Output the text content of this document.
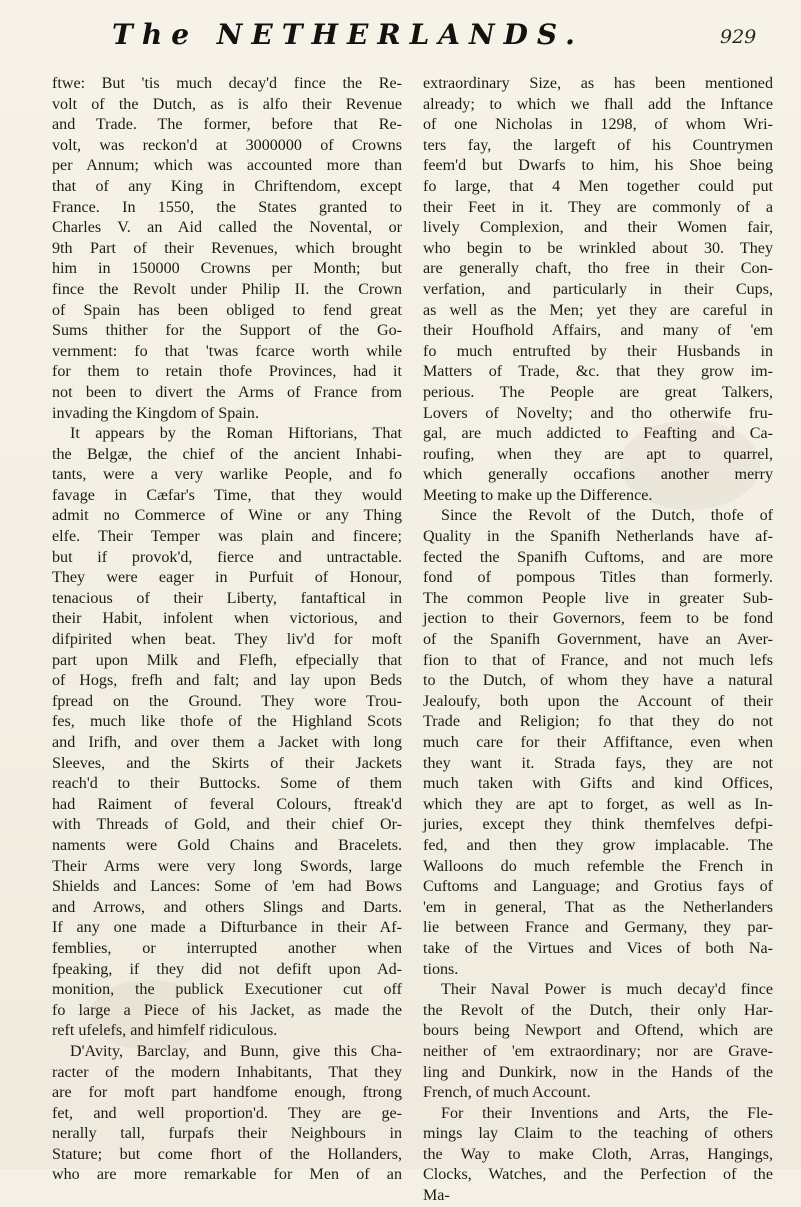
The NETHERLANDS.	929
ftwe: But 'tis much decay'd fince the Re-
volt of the Dutch, as is alfo their Revenue
and Trade. The former, before that Re-
volt, was reckon'd at 3000000 of Crowns
per Annum; which was accounted more than
that of any King in Chriftendom, except
France. In 1550, the States granted to
Charles V. an Aid called the Novental, or
9th Part of their Revenues, which brought
him in 150000 Crowns per Month; but
fince the Revolt under Philip II. the Crown
of Spain has been obliged to fend great
Sums thither for the Support of the Go-
vernment: fo that 'twas fcarce worth while
for them to retain thofe Provinces, had it
not been to divert the Arms of France from
invading the Kingdom of Spain.
It appears by the Roman Hiftorians, That
the Belgæ, the chief of the ancient Inhabi-
tants, were a very warlike People, and fo
favage in Cæfar's Time, that they would
admit no Commerce of Wine or any Thing
elfe. Their Temper was plain and fincere;
but if provok'd, fierce and untractable.
They were eager in Purfuit of Honour,
tenacious of their Liberty, fantaftical in
their Habit, infolent when victorious, and
difpirited when beat. They liv'd for moft
part upon Milk and Flefh, efpecially that
of Hogs, frefh and falt; and lay upon Beds
fpread on the Ground. They wore Trou-
fes, much like thofe of the Highland Scots
and Irifh, and over them a Jacket with long
Sleeves, and the Skirts of their Jackets
reach'd to their Buttocks. Some of them
had Raiment of feveral Colours, ftreak'd
with Threads of Gold, and their chief Or-
naments were Gold Chains and Bracelets.
Their Arms were very long Swords, large
Shields and Lances: Some of 'em had Bows
and Arrows, and others Slings and Darts.
If any one made a Difturbance in their Af-
femblies, or interrupted another when
fpeaking, if they did not defift upon Ad-
monition, the publick Executioner cut off
fo large a Piece of his Jacket, as made the
reft ufelefs, and himfelf ridiculous.
D'Avity, Barclay, and Bunn, give this Cha-
racter of the modern Inhabitants, That they
are for moft part handfome enough, ftrong
fet, and well proportion'd. They are ge-
nerally tall, furpafs their Neighbours in
Stature; but come fhort of the Hollanders,
who are more remarkable for Men of an
extraordinary Size, as has been mentioned
already; to which we fhall add the Inftance
of one Nicholas in 1298, of whom Wri-
ters fay, the largeft of his Countrymen
feem'd but Dwarfs to him, his Shoe being
fo large, that 4 Men together could put
their Feet in it. They are commonly of a
lively Complexion, and their Women fair,
who begin to be wrinkled about 30. They
are generally chaft, tho free in their Con-
verfation, and particularly in their Cups,
as well as the Men; yet they are careful in
their Houfhold Affairs, and many of 'em
fo much entrufted by their Husbands in
Matters of Trade, &c. that they grow im-
perious. The People are great Talkers,
Lovers of Novelty; and tho otherwife fru-
gal, are much addicted to Feafting and Ca-
roufing, when they are apt to quarrel,
which generally occafions another merry
Meeting to make up the Difference.
Since the Revolt of the Dutch, thofe of
Quality in the Spanifh Netherlands have af-
fected the Spanifh Cuftoms, and are more
fond of pompous Titles than formerly.
The common People live in greater Sub-
jection to their Governors, feem to be fond
of the Spanifh Government, have an Aver-
fion to that of France, and not much lefs
to the Dutch, of whom they have a natural
Jealoufy, both upon the Account of their
Trade and Religion; fo that they do not
much care for their Affiftance, even when
they want it. Strada fays, they are not
much taken with Gifts and kind Offices,
which they are apt to forget, as well as In-
juries, except they think themfelves defpi-
fed, and then they grow implacable. The
Walloons do much refemble the French in
Cuftoms and Language; and Grotius fays of
'em in general, That as the Netherlanders
lie between France and Germany, they par-
take of the Virtues and Vices of both Na-
tions.
Their Naval Power is much decay'd fince
the Revolt of the Dutch, their only Har-
bours being Newport and Oftend, which are
neither of 'em extraordinary; nor are Grave-
ling and Dunkirk, now in the Hands of the
French, of much Account.
For their Inventions and Arts, the Fle-
mings lay Claim to the teaching of others
the Way to make Cloth, Arras, Hangings,
Clocks, Watches, and the Perfection of the
Ma-
